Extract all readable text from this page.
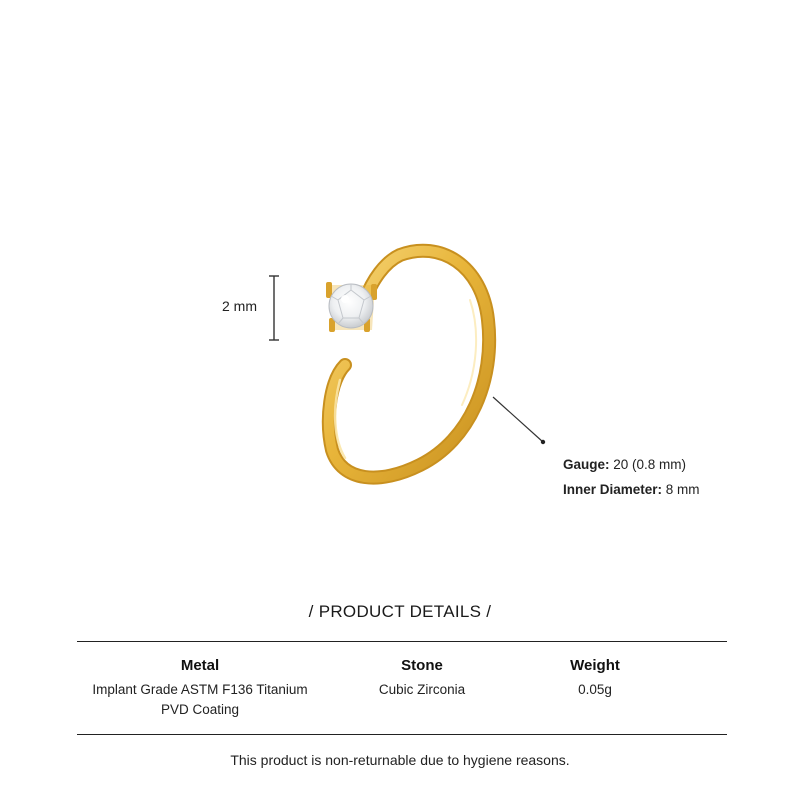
2 mm
Gauge: 20 (0.8 mm)
Inner Diameter: 8 mm
/ PRODUCT DETAILS /
Metal
Implant Grade ASTM F136 Titanium
PVD Coating
Stone
Cubic Zirconia
Weight
0.05g
This product is non-returnable due to hygiene reasons.
